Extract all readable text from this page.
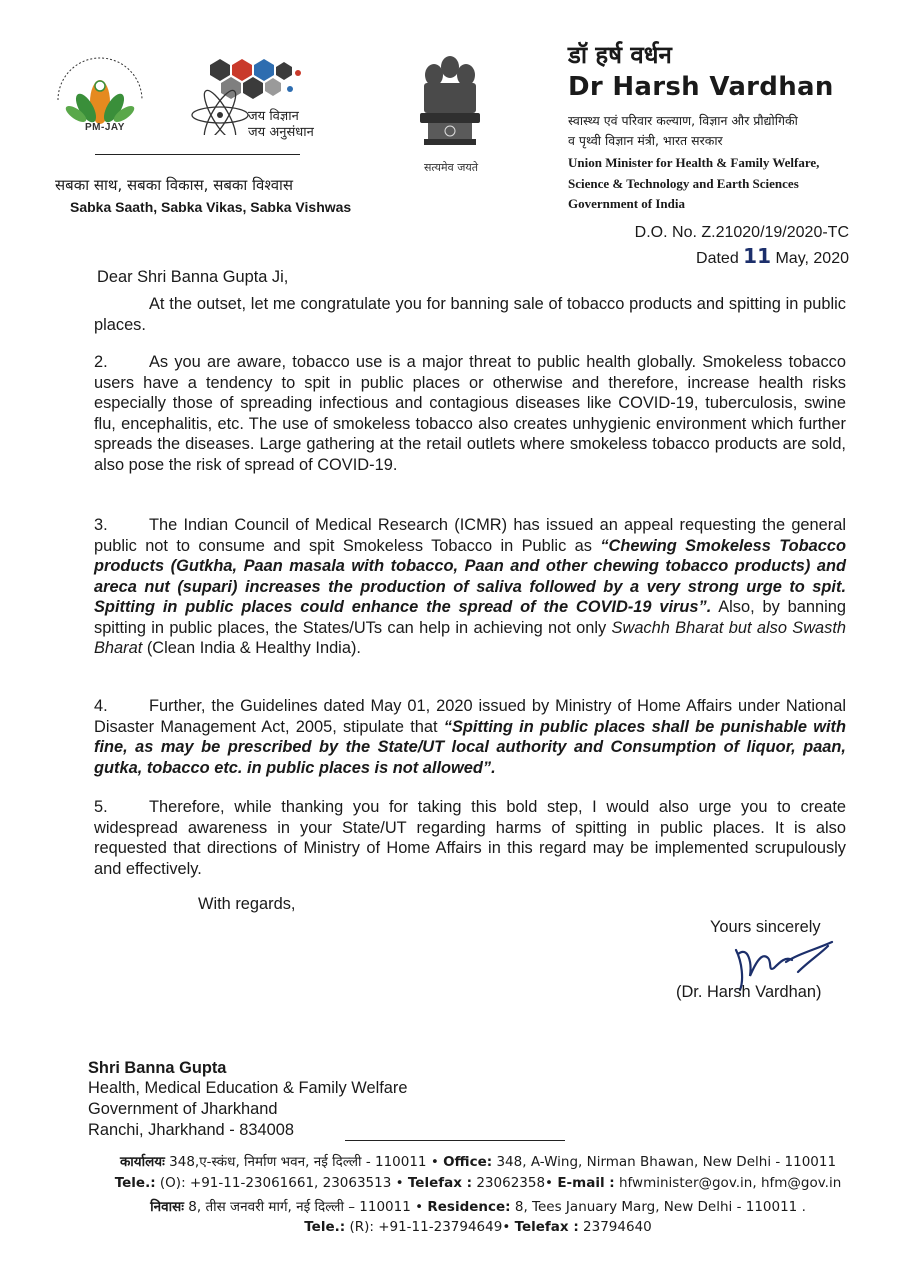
PM-JAY
जय विज्ञान
जय अनुसंधान
सबका साथ, सबका विकास, सबका विश्वास
Sabka Saath, Sabka Vikas, Sabka Vishwas
सत्यमेव जयते
डॉ हर्ष वर्धन
Dr Harsh Vardhan
स्वास्थ्य एवं परिवार कल्याण, विज्ञान और प्रौद्योगिकी
व पृथ्वी विज्ञान मंत्री, भारत सरकार
Union Minister for Health & Family Welfare,
Science & Technology and Earth Sciences
Government of India
D.O. No. Z.21020/19/2020-TC
Dated 11 May, 2020
Dear Shri Banna Gupta Ji,
At the outset, let me congratulate you for banning sale of tobacco products and spitting in public places.
2.	As you are aware, tobacco use is a major threat to public health globally. Smokeless tobacco users have a tendency to spit in public places or otherwise and therefore, increase health risks especially those of spreading infectious and contagious diseases like COVID-19, tuberculosis, swine flu, encephalitis, etc. The use of smokeless tobacco also creates unhygienic environment which further spreads the diseases. Large gathering at the retail outlets where smokeless tobacco products are sold, also pose the risk of spread of COVID-19.
3.	The Indian Council of Medical Research (ICMR) has issued an appeal requesting the general public not to consume and spit Smokeless Tobacco in Public as “Chewing Smokeless Tobacco products (Gutkha, Paan masala with tobacco, Paan and other chewing tobacco products) and areca nut (supari) increases the production of saliva followed by a very strong urge to spit. Spitting in public places could enhance the spread of the COVID-19 virus”. Also, by banning spitting in public places, the States/UTs can help in achieving not only Swachh Bharat but also Swasth Bharat (Clean India & Healthy India).
4.	Further, the Guidelines dated May 01, 2020 issued by Ministry of Home Affairs under National Disaster Management Act, 2005, stipulate that “Spitting in public places shall be punishable with fine, as may be prescribed by the State/UT local authority and Consumption of liquor, paan, gutka, tobacco etc. in public places is not allowed”.
5.	Therefore, while thanking you for taking this bold step, I would also urge you to create widespread awareness in your State/UT regarding harms of spitting in public places. It is also requested that directions of Ministry of Home Affairs in this regard may be implemented scrupulously and effectively.
With regards,
Yours sincerely
(Dr. Harsh Vardhan)
Shri Banna Gupta
Health, Medical Education & Family Welfare
Government of Jharkhand
Ranchi, Jharkhand - 834008
कार्यालयः 348,ए-स्कंध, निर्माण भवन, नई दिल्ली - 110011 • Office: 348, A-Wing, Nirman Bhawan, New Delhi - 110011
Tele.: (O): +91-11-23061661, 23063513 • Telefax : 23062358• E-mail : hfwminister@gov.in, hfm@gov.in
निवासः 8, तीस जनवरी मार्ग, नई दिल्ली – 110011 • Residence: 8, Tees January Marg, New Delhi - 110011 .
Tele.: (R): +91-11-23794649• Telefax : 23794640
